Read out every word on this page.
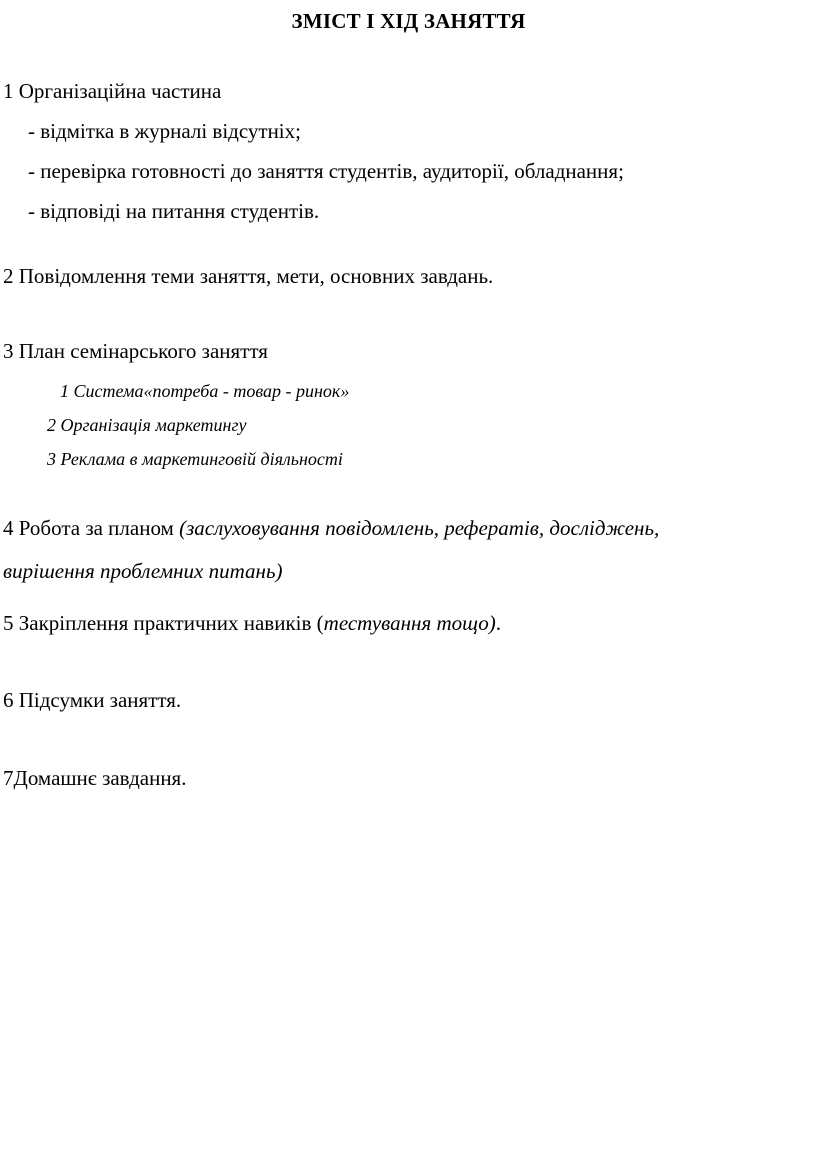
ЗМІСТ І ХІД ЗАНЯТТЯ
1 Організаційна частина
- відмітка в журналі відсутніх;
- перевірка готовності до заняття студентів, аудиторії, обладнання;
- відповіді на питання студентів.
2 Повідомлення теми заняття, мети, основних завдань.

3 План семінарського заняття
1 Система«потреба - товар - ринок»
2 Організація маркетингу
3 Реклама в маркетинговій діяльності
4 Робота за планом (заслуховування повідомлень, рефератів, досліджень, вирішення проблемних питань)
5 Закріплення практичних навиків (тестування тощо).
6 Підсумки заняття.
7Домашнє завдання.
